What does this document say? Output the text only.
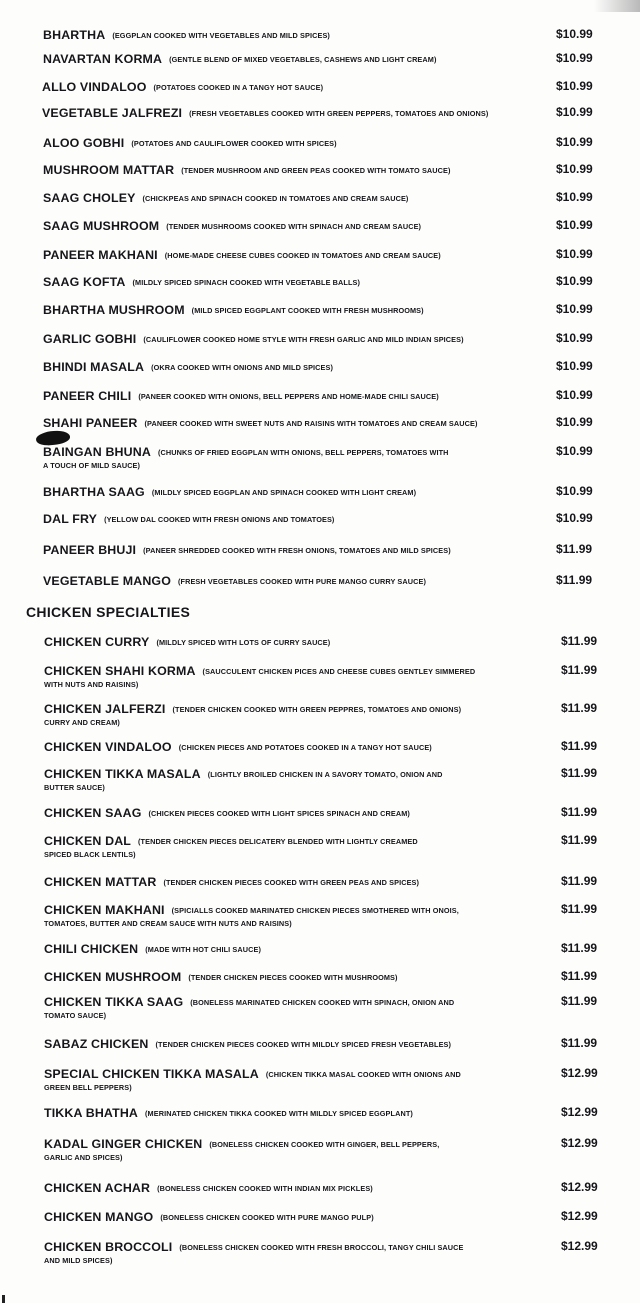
BHARTHA (EGGPLAN COOKED WITH VEGETABLES AND MILD SPICES)	$10.99
NAVARTAN KORMA (GENTLE BLEND OF MIXED VEGETABLES, CASHEWS AND LIGHT CREAM)	$10.99
ALLO VINDALOO (POTATOES COOKED IN A TANGY HOT SAUCE)	$10.99
VEGETABLE JALFREZI (FRESH VEGETABLES COOKED WITH GREEN PEPPERS, TOMATOES AND ONIONS)	$10.99
ALOO GOBHI (POTATOES AND CAULIFLOWER COOKED WITH SPICES)	$10.99
MUSHROOM MATTAR (TENDER MUSHROOM AND GREEN PEAS COOKED WITH TOMATO SAUCE)	$10.99
SAAG CHOLEY (CHICKPEAS AND SPINACH COOKED IN TOMATOES AND CREAM SAUCE)	$10.99
SAAG MUSHROOM (TENDER MUSHROOMS COOKED WITH SPINACH AND CREAM SAUCE)	$10.99
PANEER MAKHANI (HOME-MADE CHEESE CUBES COOKED IN TOMATOES AND CREAM SAUCE)	$10.99
SAAG KOFTA (MILDLY SPICED SPINACH COOKED WITH VEGETABLE BALLS)	$10.99
BHARTHA MUSHROOM (MILD SPICED EGGPLANT COOKED WITH FRESH MUSHROOMS)	$10.99
GARLIC GOBHI (CAULIFLOWER COOKED HOME STYLE WITH FRESH GARLIC AND MILD INDIAN SPICES)	$10.99
BHINDI MASALA (OKRA COOKED WITH ONIONS AND MILD SPICES)	$10.99
PANEER CHILI (PANEER COOKED WITH ONIONS, BELL PEPPERS AND HOME-MADE CHILI SAUCE)	$10.99
SHAHI PANEER (PANEER COOKED WITH SWEET NUTS AND RAISINS WITH TOMATOES AND CREAM SAUCE)	$10.99
BAINGAN BHUNA (CHUNKS OF FRIED EGGPLAN WITH ONIONS, BELL PEPPERS, TOMATOES WITH
A TOUCH OF MILD SAUCE)
$10.99
BHARTHA SAAG (MILDLY SPICED EGGPLAN AND SPINACH COOKED WITH LIGHT CREAM)	$10.99
DAL FRY (YELLOW DAL COOKED WITH FRESH ONIONS AND TOMATOES)	$10.99
PANEER BHUJI (PANEER SHREDDED COOKED WITH FRESH ONIONS, TOMATOES AND MILD SPICES)	$11.99
VEGETABLE MANGO (FRESH VEGETABLES COOKED WITH PURE MANGO CURRY SAUCE)	$11.99
CHICKEN SPECIALTIES
CHICKEN CURRY (MILDLY SPICED WITH LOTS OF CURRY SAUCE)	$11.99
CHICKEN SHAHI KORMA (SAUCCULENT CHICKEN PICES AND CHEESE CUBES GENTLEY SIMMERED
WITH NUTS AND RAISINS)
$11.99
CHICKEN JALFERZI (TENDER CHICKEN COOKED WITH GREEN PEPPRES, TOMATOES AND ONIONS)
CURRY AND CREAM)
$11.99
CHICKEN VINDALOO (CHICKEN PIECES AND POTATOES COOKED IN A TANGY HOT SAUCE)	$11.99
CHICKEN TIKKA MASALA (LIGHTLY BROILED CHICKEN IN A SAVORY TOMATO, ONION AND
BUTTER SAUCE)
$11.99
CHICKEN SAAG (CHICKEN PIECES COOKED WITH LIGHT SPICES SPINACH AND CREAM)	$11.99
CHICKEN DAL (TENDER CHICKEN PIECES DELICATERY BLENDED WITH LIGHTLY CREAMED
SPICED BLACK LENTILS)
$11.99
CHICKEN MATTAR (TENDER CHICKEN PIECES COOKED WITH GREEN PEAS AND SPICES)	$11.99
CHICKEN MAKHANI (SPICIALLS COOKED MARINATED CHICKEN PIECES SMOTHERED WITH ONOIS,
TOMATOES, BUTTER AND CREAM SAUCE WITH NUTS AND RAISINS)
$11.99
CHILI CHICKEN (MADE WITH HOT CHILI SAUCE)	$11.99
CHICKEN MUSHROOM (TENDER CHICKEN PIECES COOKED WITH MUSHROOMS)	$11.99
CHICKEN TIKKA SAAG (BONELESS MARINATED CHICKEN COOKED WITH SPINACH, ONION AND
TOMATO SAUCE)
$11.99
SABAZ CHICKEN (TENDER CHICKEN PIECES COOKED WITH MILDLY SPICED FRESH VEGETABLES)	$11.99
SPECIAL CHICKEN TIKKA MASALA (CHICKEN TIKKA MASAL COOKED WITH ONIONS AND
GREEN BELL PEPPERS)
$12.99
TIKKA BHATHA (MERINATED CHICKEN TIKKA COOKED WITH MILDLY SPICED EGGPLANT)	$12.99
KADAL GINGER CHICKEN (BONELESS CHICKEN COOKED WITH GINGER, BELL PEPPERS,
GARLIC AND SPICES)
$12.99
CHICKEN ACHAR (BONELESS CHICKEN COOKED WITH INDIAN MIX PICKLES)	$12.99
CHICKEN MANGO (BONELESS CHICKEN COOKED WITH PURE MANGO PULP)	$12.99
CHICKEN BROCCOLI (BONELESS CHICKEN COOKED WITH FRESH BROCCOLI, TANGY CHILI SAUCE
AND MILD SPICES)
$12.99
